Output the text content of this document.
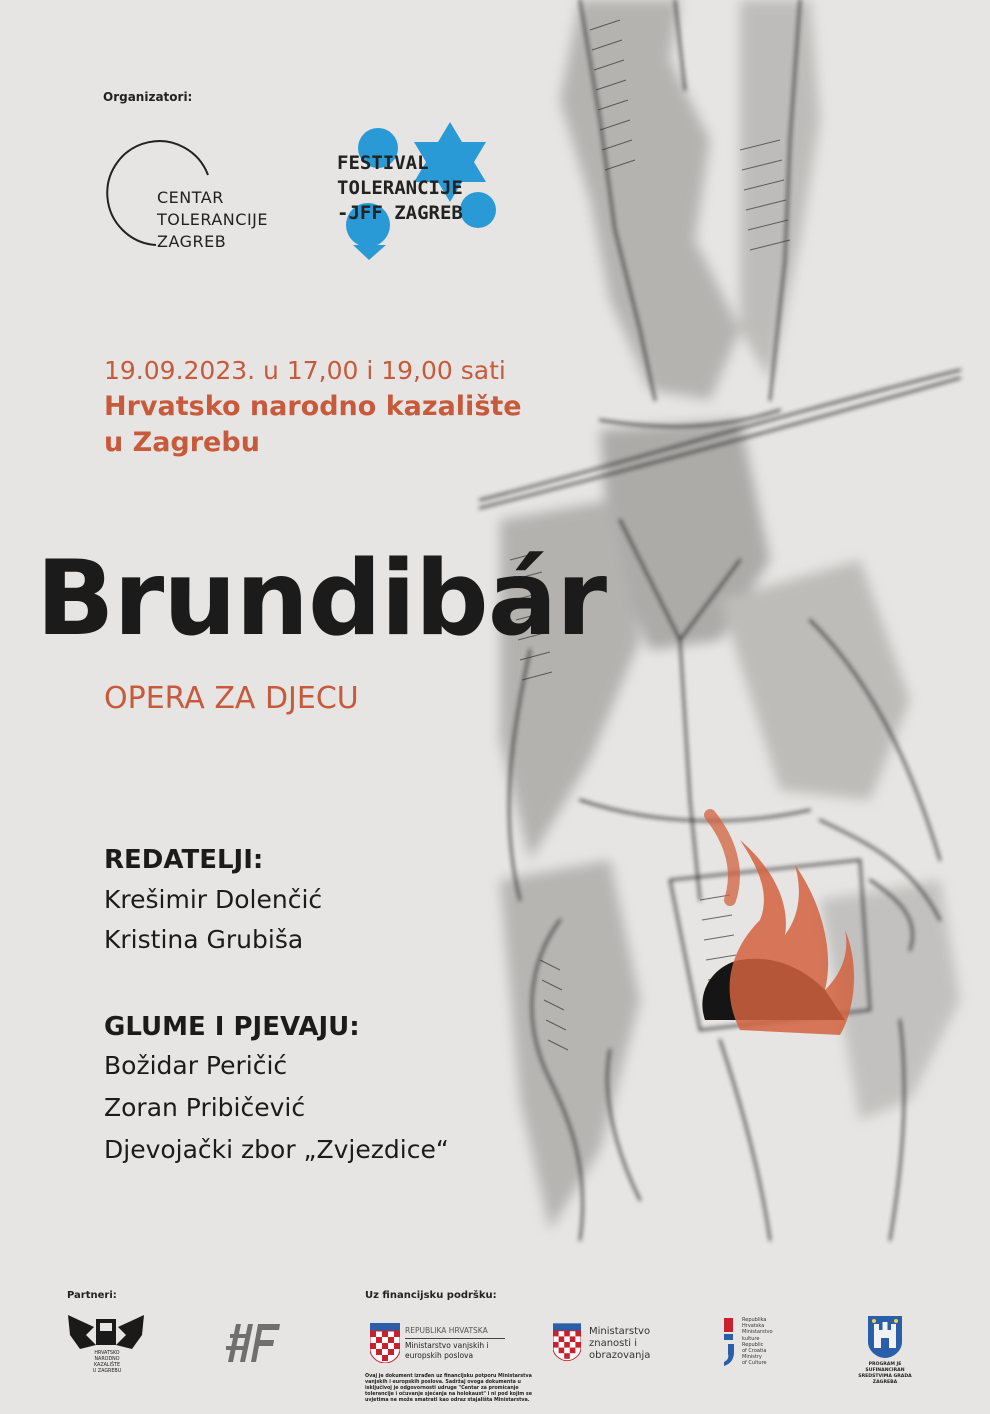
Organizatori:
CENTAR
TOLERANCIJE
ZAGREB
FESTIVAL
TOLERANCIJE
-JFF ZAGREB
19.09.2023. u 17,00 i 19,00 sati
Hrvatsko narodno kazalište
u Zagrebu
Brundibár
OPERA ZA DJECU
REDATELJI:
Krešimir Dolenčić
Kristina Grubiša
GLUME I PJEVAJU:
Božidar Peričić
Zoran Pribičević
Djevojački zbor „Zvjezdice“
Partneri:
HRVATSKO
NARODNO
KAZALIŠTE
U ZAGREBU
Uz financijsku podršku:
REPUBLIKA HRVATSKA
Ministarstvo vanjskih i
europskih poslova
Ovaj je dokument izrađen uz financijsku potporu Ministarstva vanjskih i europskih poslova. Sadržaj ovoga dokumenta u isključivoj je odgovornosti udruge "Centar za promicanje tolerancije i očuvanje sjećanja na holokaust" i ni pod kojim se uvjetima ne može smatrati kao odraz stajališta Ministarstva.
Ministarstvo
znanosti i
obrazovanja
Republika
Hrvatska
Ministarstvo
kulture
Republic
of Croatia
Ministry
of Culture	PROGRAM JE SUFINANCIRAN
SREDSTVIMA GRADA ZAGREBA
